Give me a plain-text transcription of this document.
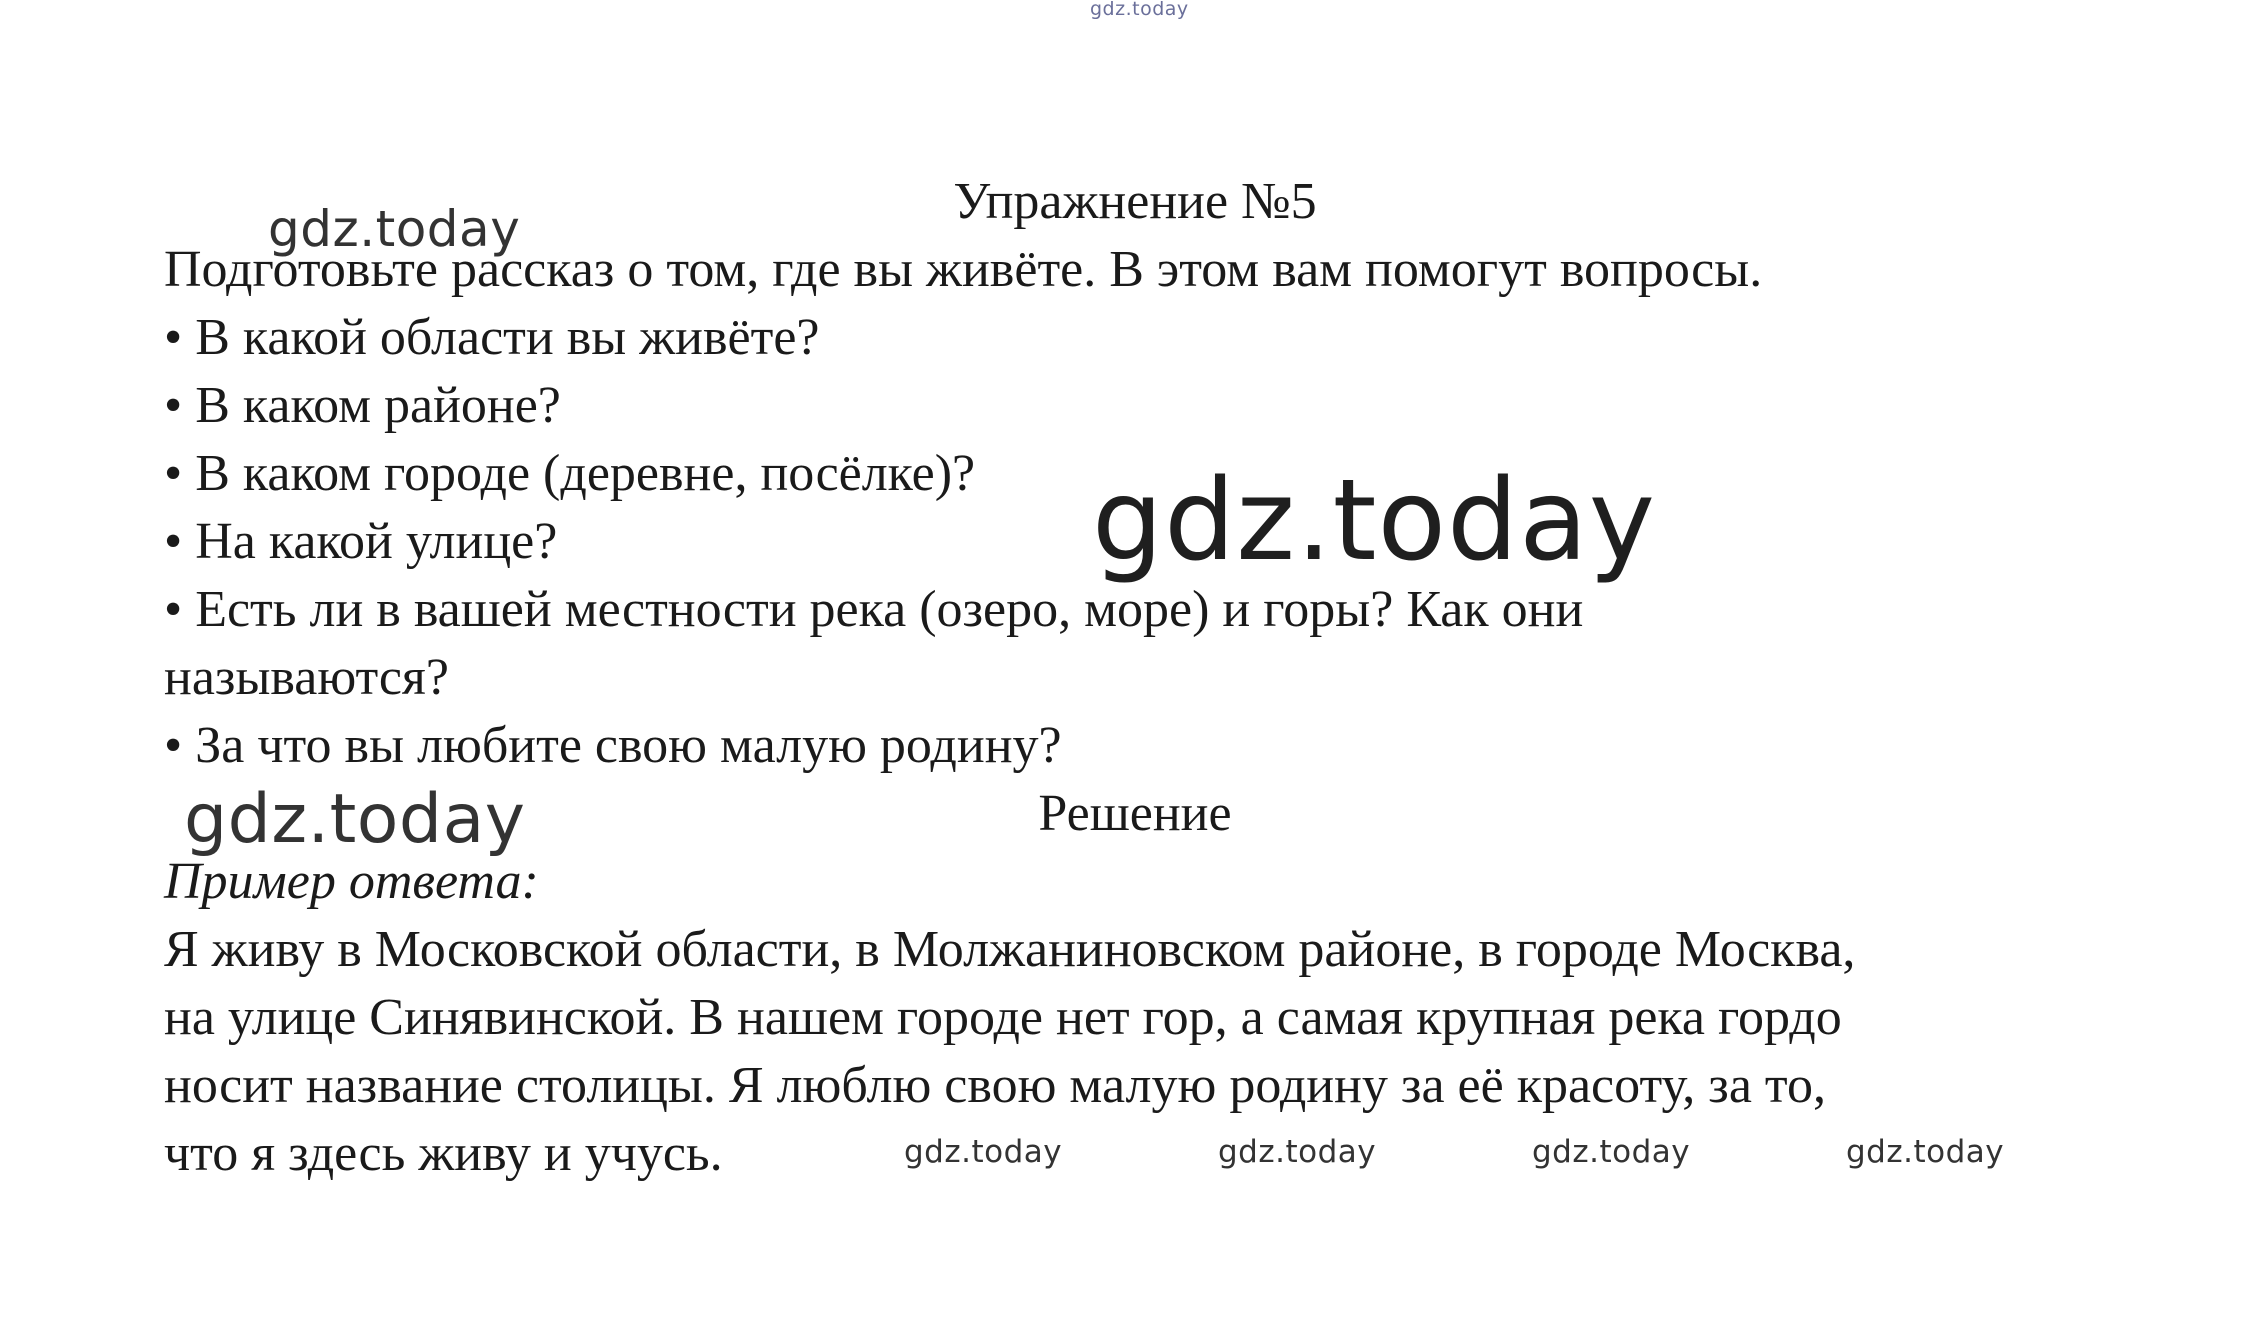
gdz.today
Упражнение №5
gdz.today
Подготовьте рассказ о том, где вы живёте. В этом вам помогут вопросы.
• В какой области вы живёте?
• В каком районе?
• В каком городе (деревне, посёлке)?
• На какой улице?
• Есть ли в вашей местности река (озеро, море) и горы? Как они
называются?
• За что вы любите свою малую родину?
gdz.today
gdz.today	Решение
Пример ответа:
Я живу в Московской области, в Молжаниновском районе, в городе Москва,
на улице Синявинской. В нашем городе нет гор, а самая крупная река гордо
носит название столицы. Я люблю свою малую родину за её красоту, за то,
что я здесь живу и учусь.	gdz.today	gdz.today	gdz.today	gdz.today
